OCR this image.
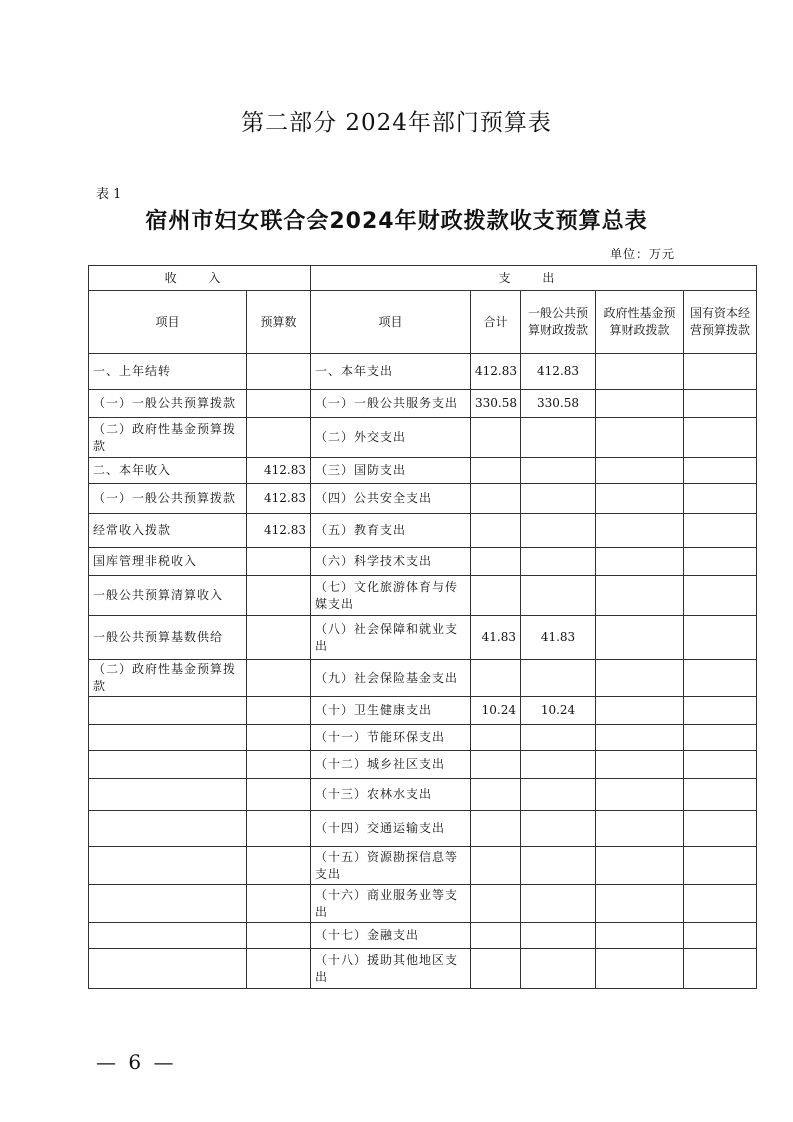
第二部分 2024年部门预算表
表 1
宿州市妇女联合会2024年财政拨款收支预算总表
单位：万元
收 入		支 出				
项目	预算数	项目	合计	一般公共预算财政拨款	政府性基金预算财政拨款	国有资本经营预算拨款
一、上年结转		一、本年支出	412.83	412.83		
（一）一般公共预算拨款		（一）一般公共服务支出	330.58	330.58		
（二）政府性基金预算拨款		（二）外交支出				
二、本年收入	412.83	（三）国防支出				
（一）一般公共预算拨款	412.83	（四）公共安全支出				
经常收入拨款	412.83	（五）教育支出				
国库管理非税收入		（六）科学技术支出				
一般公共预算清算收入		（七）文化旅游体育与传媒支出				
一般公共预算基数供给		（八）社会保障和就业支出	41.83	41.83		
（二）政府性基金预算拨款		（九）社会保险基金支出				
		（十）卫生健康支出	10.24	10.24		
		（十一）节能环保支出				
		（十二）城乡社区支出				
		（十三）农林水支出				
		（十四）交通运输支出				
		（十五）资源勘探信息等支出				
		（十六）商业服务业等支出				
		（十七）金融支出				
		（十八）援助其他地区支出				
— 6 —
